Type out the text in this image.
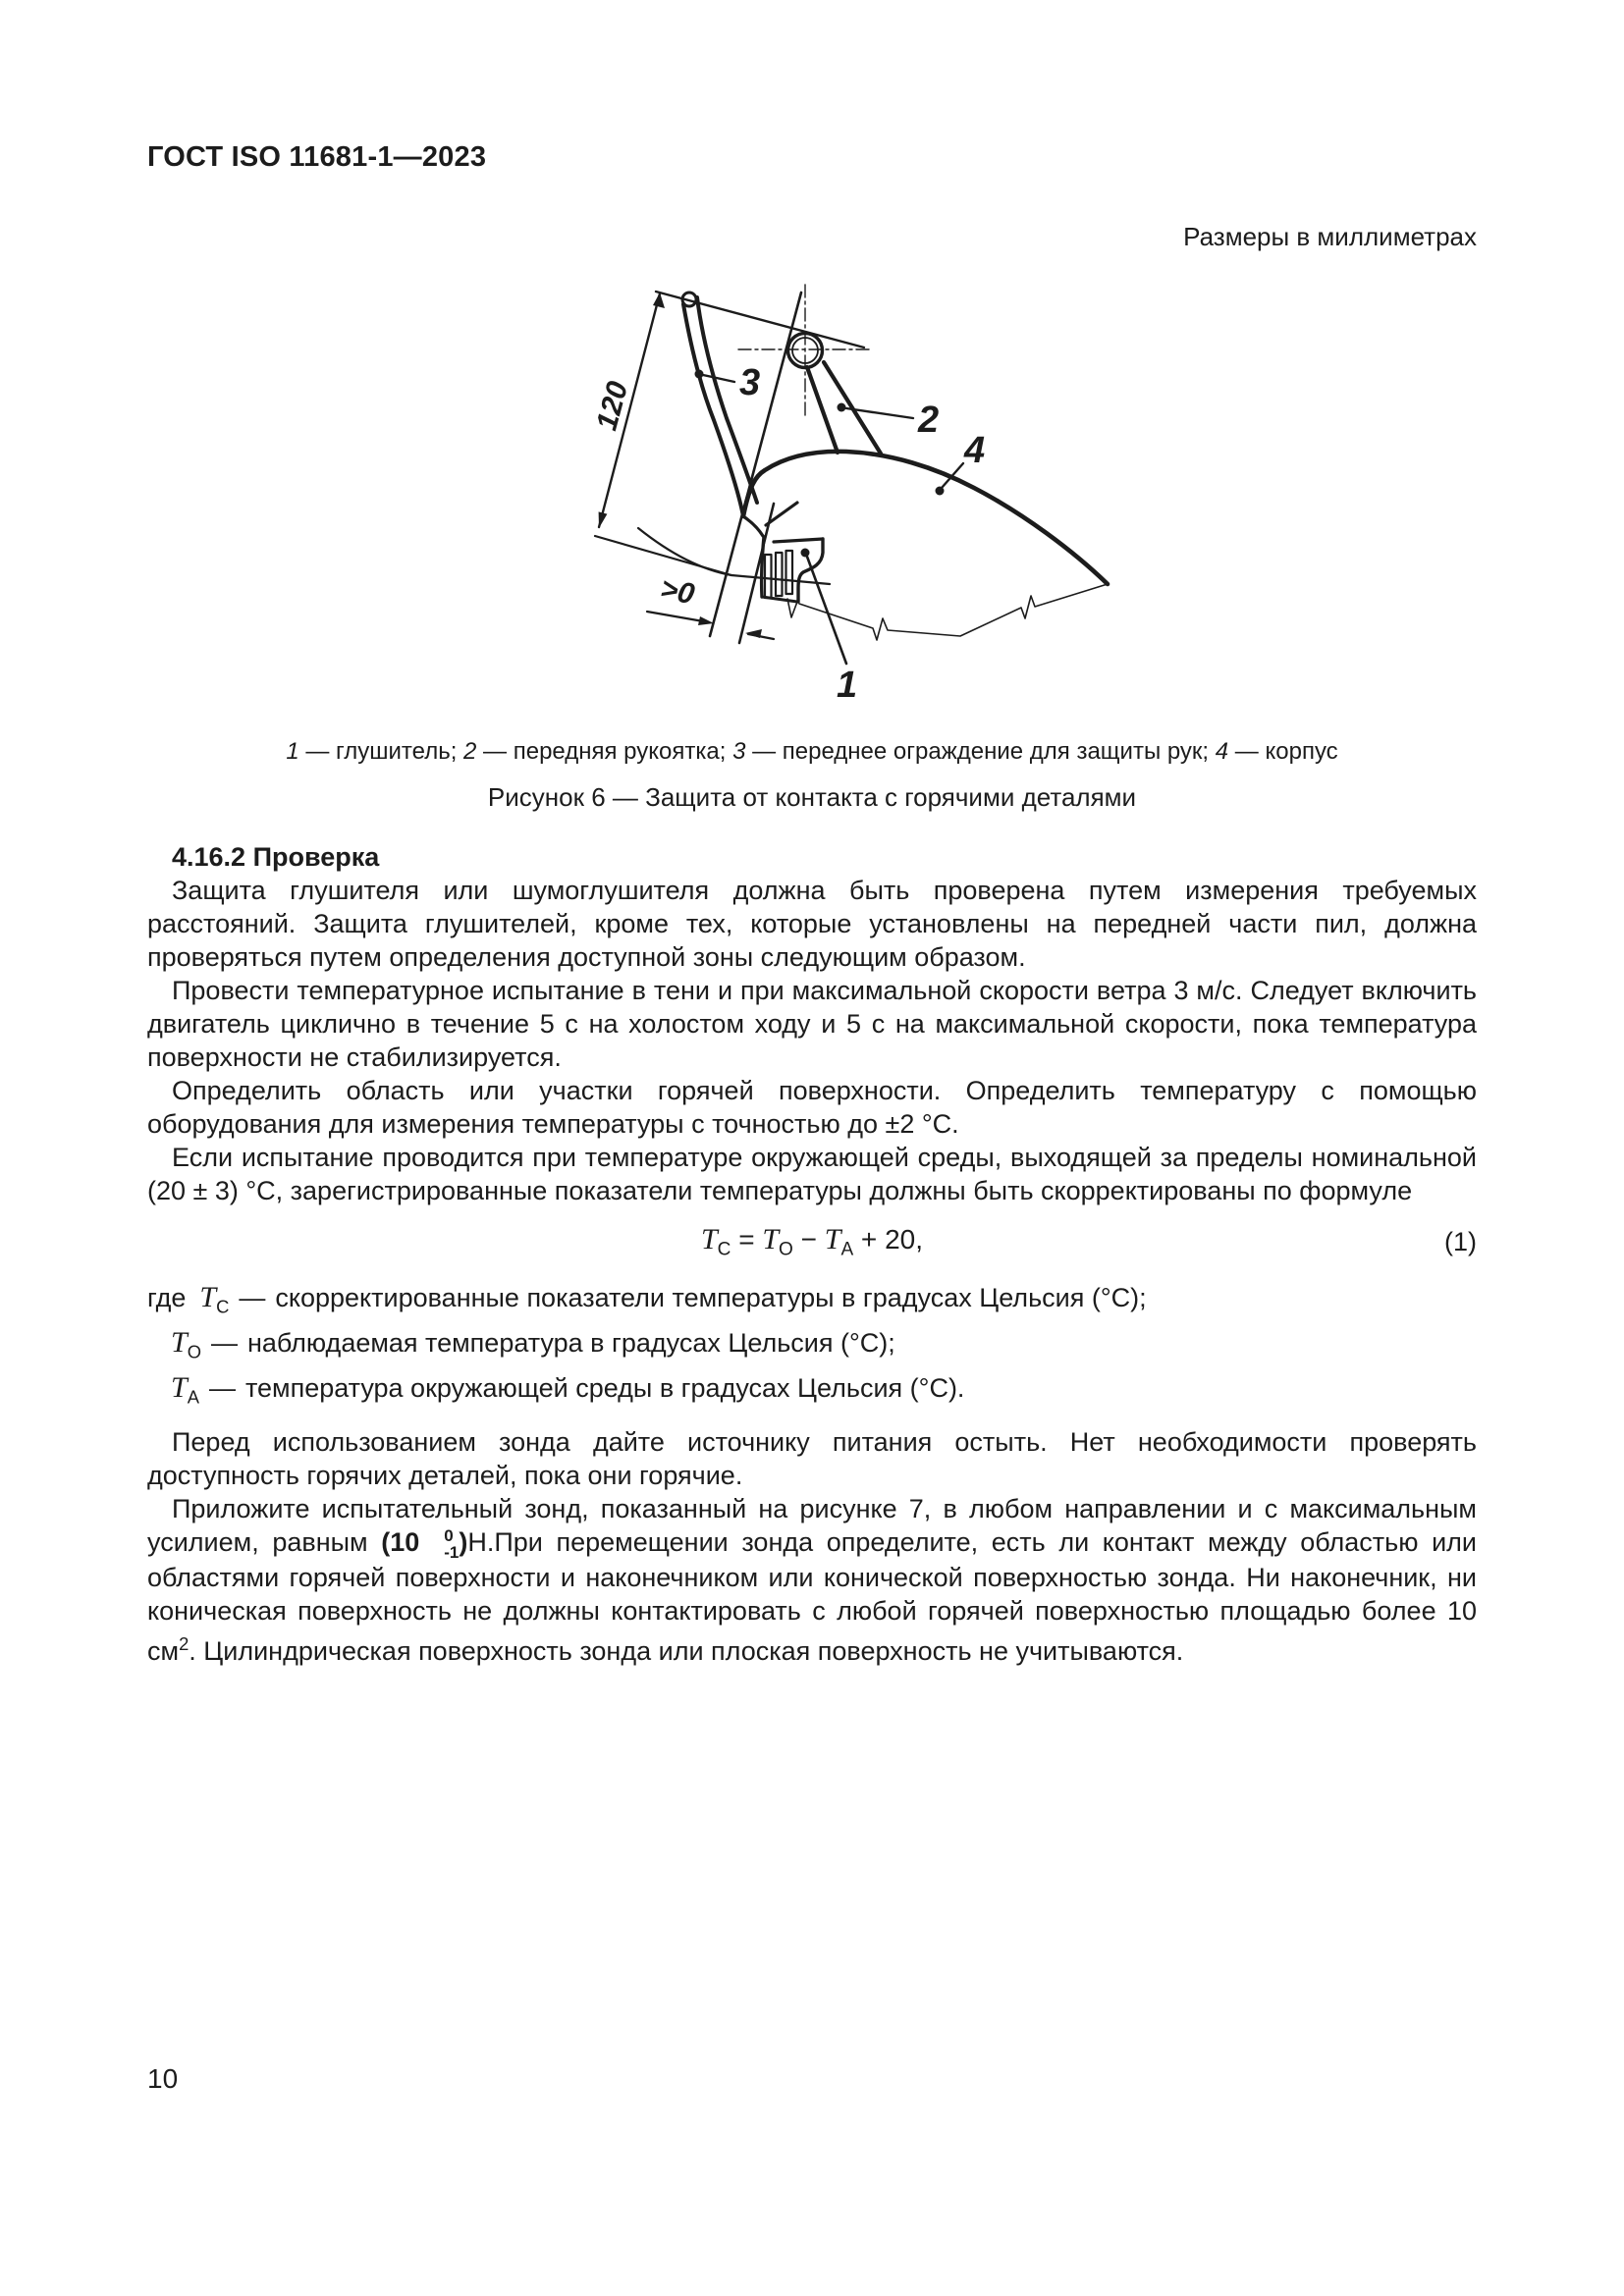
ГОСТ ISO 11681-1—2023
Размеры в миллиметрах
120
>0
3
2
4
1
1 — глушитель; 2 — передняя рукоятка; 3 — переднее ограждение для защиты рук; 4 — корпус
Рисунок 6 — Защита от контакта с горячими деталями

4.16.2 Проверка

Защита глушителя или шумоглушителя должна быть проверена путем измерения требуемых расстояний. Защита глушителей, кроме тех, которые установлены на передней части пил, должна проверяться путем определения доступной зоны следующим образом.

Провести температурное испытание в тени и при максимальной скорости ветра 3 м/с. Следует включить двигатель циклично в течение 5 с на холостом ходу и 5 с на максимальной скорости, пока температура поверхности не стабилизируется.

Определить область или участки горячей поверхности. Определить температуру с помощью оборудования для измерения температуры с точностью до ±2 °С.

Если испытание проводится при температуре окружающей среды, выходящей за пределы номинальной (20 ± 3) °С, зарегистрированные показатели температуры должны быть скорректированы по формуле

$T_C = T_O - T_A + 20$,	(1)
где $T_C$ — скорректированные показатели температуры в градусах Цельсия (°С);
$T_O$ — наблюдаемая температура в градусах Цельсия (°С);
$T_A$ — температура окружающей среды в градусах Цельсия (°С).

Перед использованием зонда дайте источнику питания остыть. Нет необходимости проверять доступность горячих деталей, пока они горячие.

Приложите испытательный зонд, показанный на рисунке 7, в любом направлении и с максимальным усилием, равным (10	0
-1 )Н.При перемещении зонда определите, есть ли контакт между областью или областями горячей поверхности и наконечником или конической поверхностью зонда. Ни наконечник, ни коническая поверхность не должны контактировать с любой горячей поверхностью площадью более 10 $см^2$. Цилиндрическая поверхность зонда или плоская поверхность не учитываются.

10
